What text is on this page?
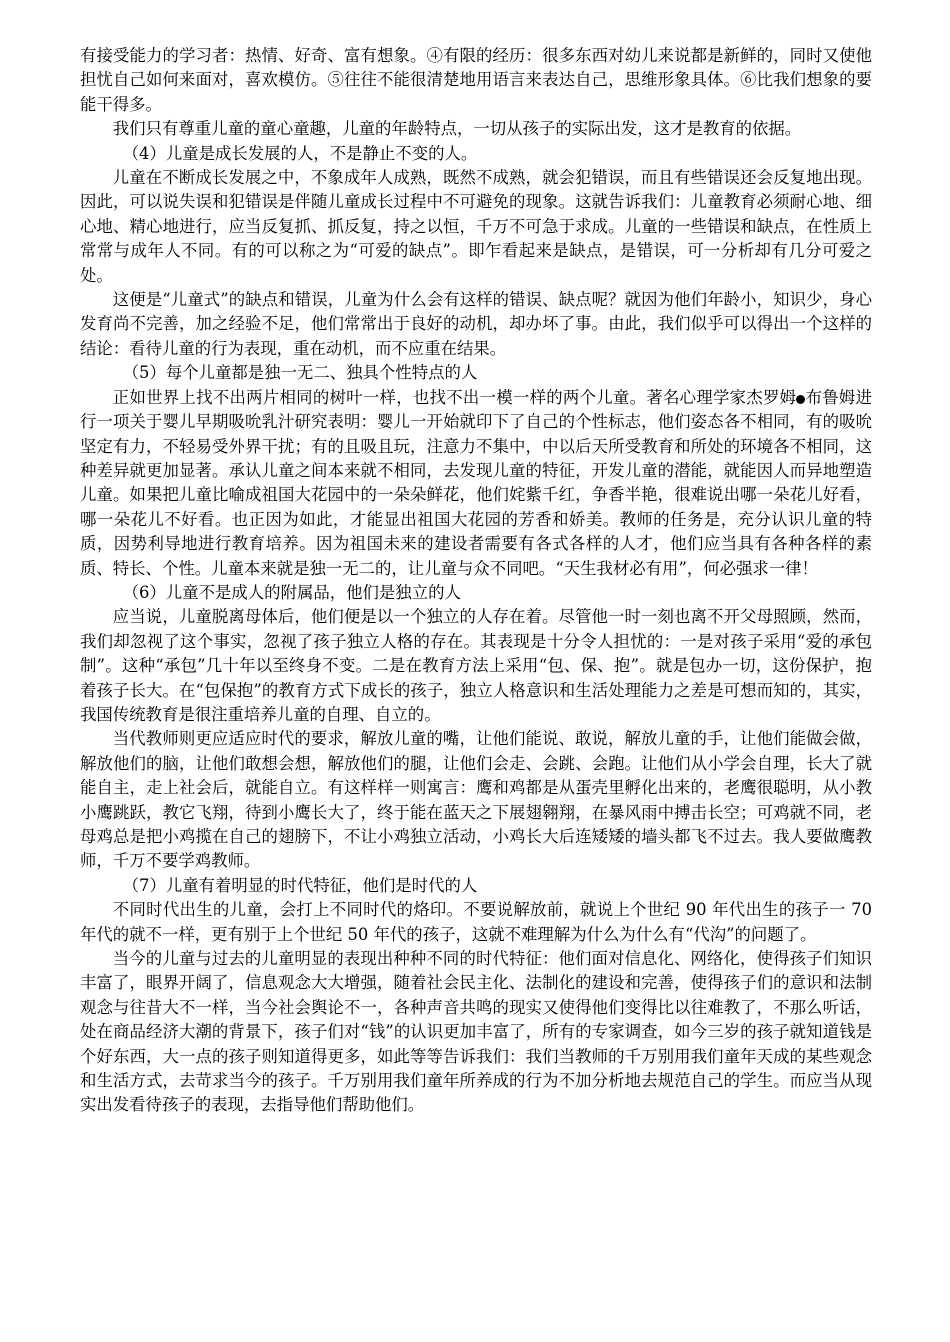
有接受能力的学习者：热情、好奇、富有想象。④有限的经历：很多东西对幼儿来说都是新鲜的，同时又使他担忧自己如何来面对，喜欢模仿。⑤往往不能很清楚地用语言来表达自己，思维形象具体。⑥比我们想象的要能干得多。

我们只有尊重儿童的童心童趣，儿童的年龄特点，一切从孩子的实际出发，这才是教育的依据。

（4）儿童是成长发展的人，不是静止不变的人。

儿童在不断成长发展之中，不象成年人成熟，既然不成熟，就会犯错误，而且有些错误还会反复地出现。因此，可以说失误和犯错误是伴随儿童成长过程中不可避免的现象。这就告诉我们：儿童教育必须耐心地、细心地、精心地进行，应当反复抓、抓反复，持之以恒，千万不可急于求成。儿童的一些错误和缺点，在性质上常常与成年人不同。有的可以称之为“可爱的缺点”。即乍看起来是缺点，是错误，可一分析却有几分可爱之处。

这便是“儿童式”的缺点和错误，儿童为什么会有这样的错误、缺点呢？就因为他们年龄小，知识少，身心发育尚不完善，加之经验不足，他们常常出于良好的动机，却办坏了事。由此，我们似乎可以得出一个这样的结论：看待儿童的行为表现，重在动机，而不应重在结果。

（5）每个儿童都是独一无二、独具个性特点的人

正如世界上找不出两片相同的树叶一样，也找不出一模一样的两个儿童。著名心理学家杰罗姆 布鲁姆进行一项关于婴儿早期吸吮乳汁研究表明：婴儿一开始就印下了自己的个性标志，他们姿态各不相同，有的吸吮坚定有力，不轻易受外界干扰；有的且吸且玩，注意力不集中，中以后天所受教育和所处的环境各不相同，这种差异就更加显著。承认儿童之间本来就不相同，去发现儿童的特征，开发儿童的潜能，就能因人而异地塑造儿童。如果把儿童比喻成祖国大花园中的一朵朵鲜花，他们姹紫千红，争香半艳，很难说出哪一朵花儿好看，哪一朵花儿不好看。也正因为如此，才能显出祖国大花园的芳香和娇美。教师的任务是，充分认识儿童的特质，因势利导地进行教育培养。因为祖国未来的建设者需要有各式各样的人才，他们应当具有各种各样的素质、特长、个性。儿童本来就是独一无二的，让儿童与众不同吧。“天生我材必有用”，何必强求一律！

（6）儿童不是成人的附属品，他们是独立的人

应当说，儿童脱离母体后，他们便是以一个独立的人存在着。尽管他一时一刻也离不开父母照顾，然而，我们却忽视了这个事实，忽视了孩子独立人格的存在。其表现是十分令人担忧的：一是对孩子采用“爱的承包制”。这种“承包”几十年以至终身不变。二是在教育方法上采用“包、保、抱”。就是包办一切，这份保护，抱着孩子长大。在“包保抱”的教育方式下成长的孩子，独立人格意识和生活处理能力之差是可想而知的，其实，我国传统教育是很注重培养儿童的自理、自立的。

当代教师则更应适应时代的要求，解放儿童的嘴，让他们能说、敢说，解放儿童的手，让他们能做会做，解放他们的脑，让他们敢想会想，解放他们的腿，让他们会走、会跳、会跑。让他们从小学会自理，长大了就能自主，走上社会后，就能自立。有这样样一则寓言：鹰和鸡都是从蛋壳里孵化出来的，老鹰很聪明，从小教小鹰跳跃，教它飞翔，待到小鹰长大了，终于能在蓝天之下展翅翱翔，在暴风雨中搏击长空；可鸡就不同，老母鸡总是把小鸡揽在自己的翅膀下，不让小鸡独立活动，小鸡长大后连矮矮的墙头都飞不过去。我人要做鹰教师，千万不要学鸡教师。

（7）儿童有着明显的时代特征，他们是时代的人

不同时代出生的儿童，会打上不同时代的烙印。不要说解放前，就说上个世纪 90 年代出生的孩子一 70 年代的就不一样，更有别于上个世纪 50 年代的孩子，这就不难理解为什么为什么有“代沟”的问题了。

当今的儿童与过去的儿童明显的表现出种种不同的时代特征：他们面对信息化、网络化，使得孩子们知识丰富了，眼界开阔了，信息观念大大增强，随着社会民主化、法制化的建设和完善，使得孩子们的意识和法制观念与往昔大不一样，当今社会舆论不一，各种声音共鸣的现实又使得他们变得比以往难教了，不那么听话，处在商品经济大潮的背景下，孩子们对“钱”的认识更加丰富了，所有的专家调查，如今三岁的孩子就知道钱是个好东西，大一点的孩子则知道得更多，如此等等告诉我们：我们当教师的千万别用我们童年天成的某些观念和生活方式，去苛求当今的孩子。千万别用我们童年所养成的行为不加分析地去规范自己的学生。而应当从现实出发看待孩子的表现，去指导他们帮助他们。
